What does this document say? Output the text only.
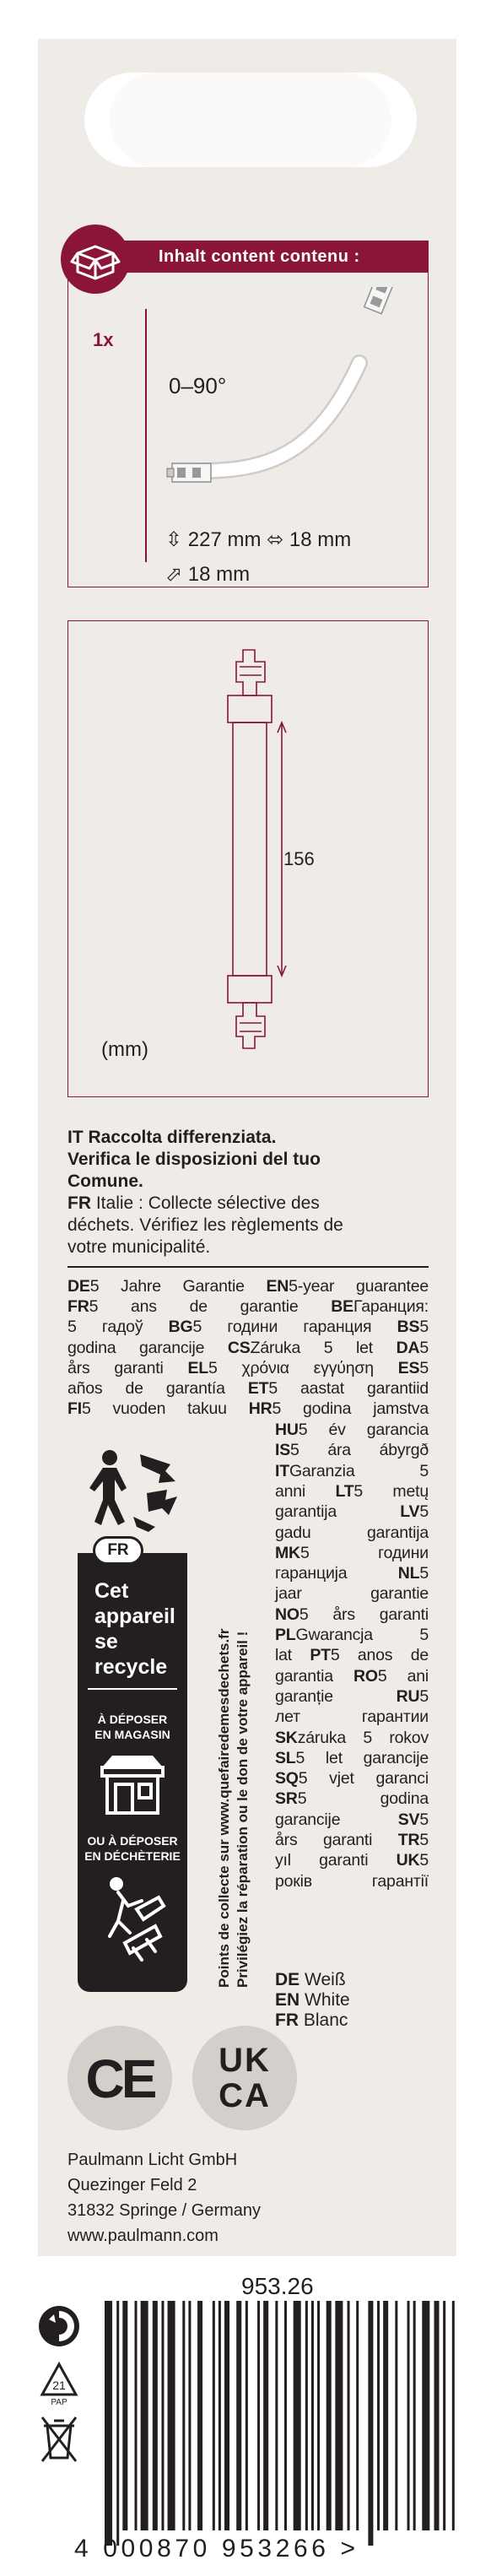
Inhalt content contenu :
1x
0–90°
⇳ 227 mm ⬄ 18 mm
⬀ 18 mm
156
(mm)
IT Raccolta differenziata.
Verifica le disposizioni del tuo
Comune.
FR Italie : Collecte sélective des
déchets. Vérifiez les règlements de
votre municipalité.
DE5 Jahre Garantie EN5-year guarantee
FR5 ans de garantie BEГаранция:
5 гадоў BG5 години гаранция BS5
godina garancije CSZáruka 5 let DA5
års garanti EL5 χρόνια εγγύηση ES5
años de garantía ET5 aastat garantiid
FI5 vuoden takuu HR5 godina jamstva
HU5 év garancia
IS5 ára ábyrgð
ITGaranzia 5
anni LT5 metų
garantija LV5
gadu garantija
MK5 години
гаранција NL5
jaar garantie
NO5 års garanti
PLGwarancja 5
lat PT5 anos de
garantia RO5 ani
garanție RU5
лет гарантии
SKzáruka 5 rokov
SL5 let garancije
SQ5 vjet garanci
SR5 godina
garancije SV5
års garanti TR5
yıl garanti UK5
років гарантії
FR
Cet
appareil
se
recycle
À DÉPOSER
EN MAGASIN
OU À DÉPOSER
EN DÉCHÈTERIE	Points de collecte sur www.quefairedemesdechets.fr Privilégiez la réparation ou le don de votre appareil ! DE Weiß
EN White
FR Blanc
CE	UK
CA
Paulmann Licht GmbH
Quezinger Feld 2
31832 Springe / Germany
www.paulmann.com
953.26
21
PAP
4 000870 953266 >
